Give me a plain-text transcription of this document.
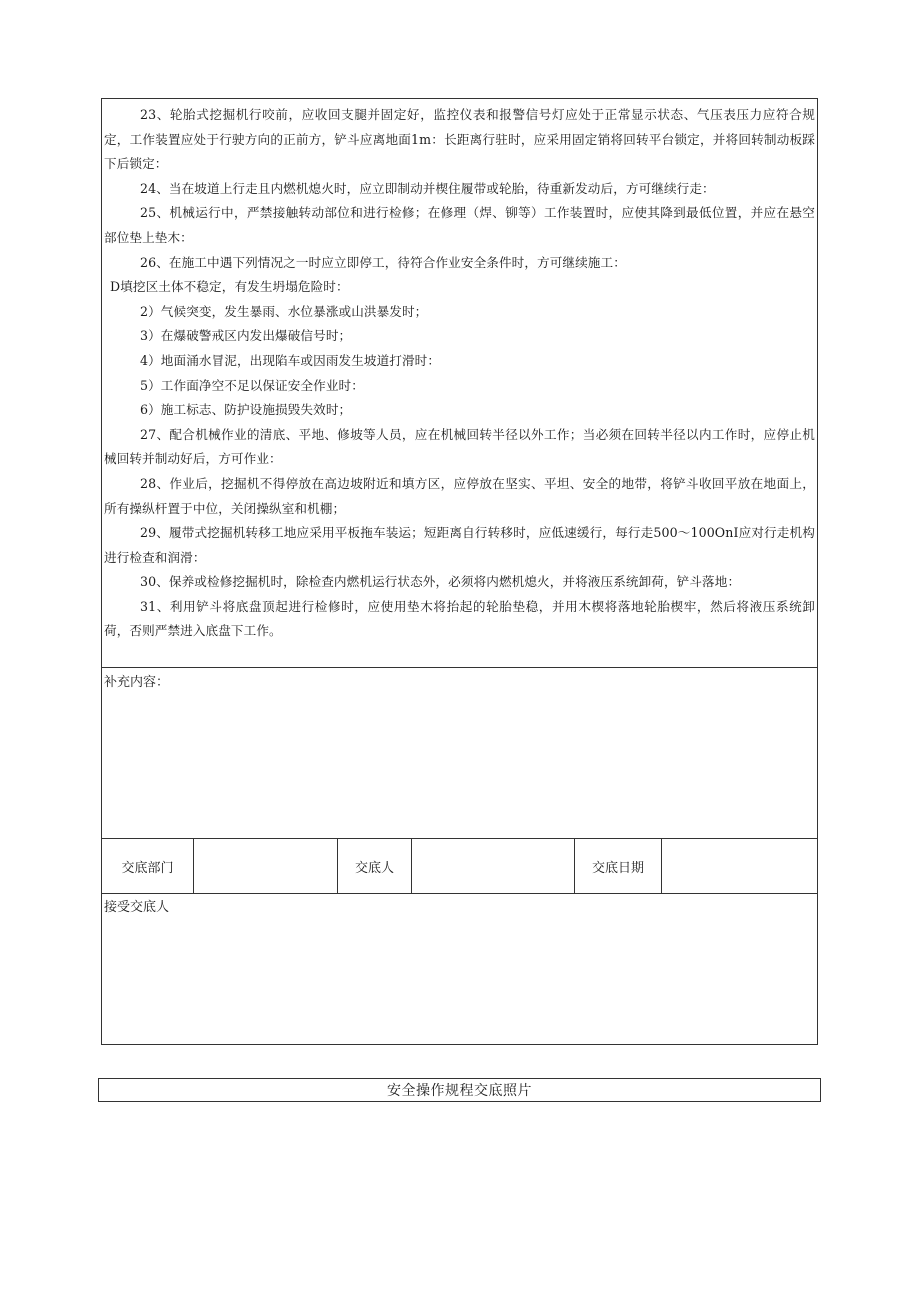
23、轮胎式挖掘机行咬前，应收回支腿并固定好，监控仪表和报警信号灯应处于正常显示状态、气压表压力应符合规定，工作装置应处于行驶方向的正前方，铲斗应离地面1m：长距离行驻时，应采用固定销将回转平台锁定，并将回转制动板踩下后锁定：

24、当在坡道上行走且内燃机熄火时，应立即制动并楔住履带或轮胎，待重新发动后，方可继续行走：

25、机械运行中，严禁接触转动部位和进行检修；在修理（焊、铆等）工作装置时，应使其降到最低位置，并应在悬空部位垫上垫木：

26、在施工中遇下列情况之一时应立即停工，待符合作业安全条件时，方可继续施工：

D填挖区土体不稳定，有发生坍塌危险时：

2）气候突变，发生暴雨、水位暴涨或山洪暴发时；

3）在爆破警戒区内发出爆破信号时；

4）地面涌水冒泥，出现陷车或因雨发生坡道打滑时：

5）工作面净空不足以保证安全作业时：

6）施工标志、防护设施损毁失效时；

27、配合机械作业的清底、平地、修坡等人员，应在机械回转半径以外工作；当必须在回转半径以内工作时，应停止机械回转并制动好后，方可作业：

28、作业后，挖掘机不得停放在高边坡附近和填方区，应停放在坚实、平坦、安全的地带，将铲斗收回平放在地面上，所有操纵杆置于中位，关闭操纵室和机棚；

29、履带式挖掘机转移工地应采用平板拖车装运；短距离自行转移时，应低速缓行，每行走500～100OnI应对行走机构进行检查和润滑：

30、保养或检修挖掘机时，除检查内燃机运行状态外，必须将内燃机熄火，并将液压系统卸荷，铲斗落地：

31、利用铲斗将底盘顶起进行检修时，应使用垫木将抬起的轮胎垫稳，并用木楔将落地轮胎楔牢，然后将液压系统卸荷，否则严禁进入底盘下工作。

补充内容：
交底部门	交底人	交底日期
接受交底人
安全操作规程交底照片
